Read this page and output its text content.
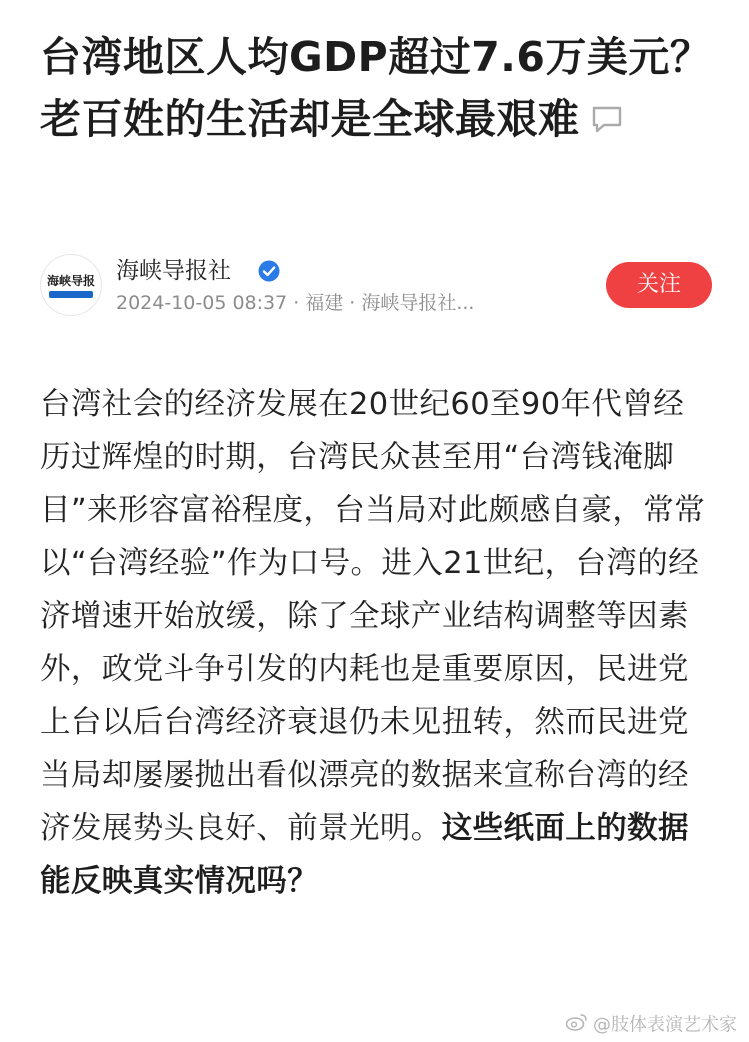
台湾地区人均GDP超过7.6万美元？老百姓的生活却是全球最艰难
海峡导报 海峡导报社
2024-10-05 08:37 · 福建 · 海峡导报社...
关注

台湾社会的经济发展在20世纪60至90年代曾经历过辉煌的时期，台湾民众甚至用“台湾钱淹脚目”来形容富裕程度，台当局对此颇感自豪，常常以“台湾经验”作为口号。进入21世纪，台湾的经济增速开始放缓，除了全球产业结构调整等因素外，政党斗争引发的内耗也是重要原因，民进党上台以后台湾经济衰退仍未见扭转，然而民进党当局却屡屡抛出看似漂亮的数据来宣称台湾的经济发展势头良好、前景光明。这些纸面上的数据能反映真实情况吗？

@肢体表演艺术家
